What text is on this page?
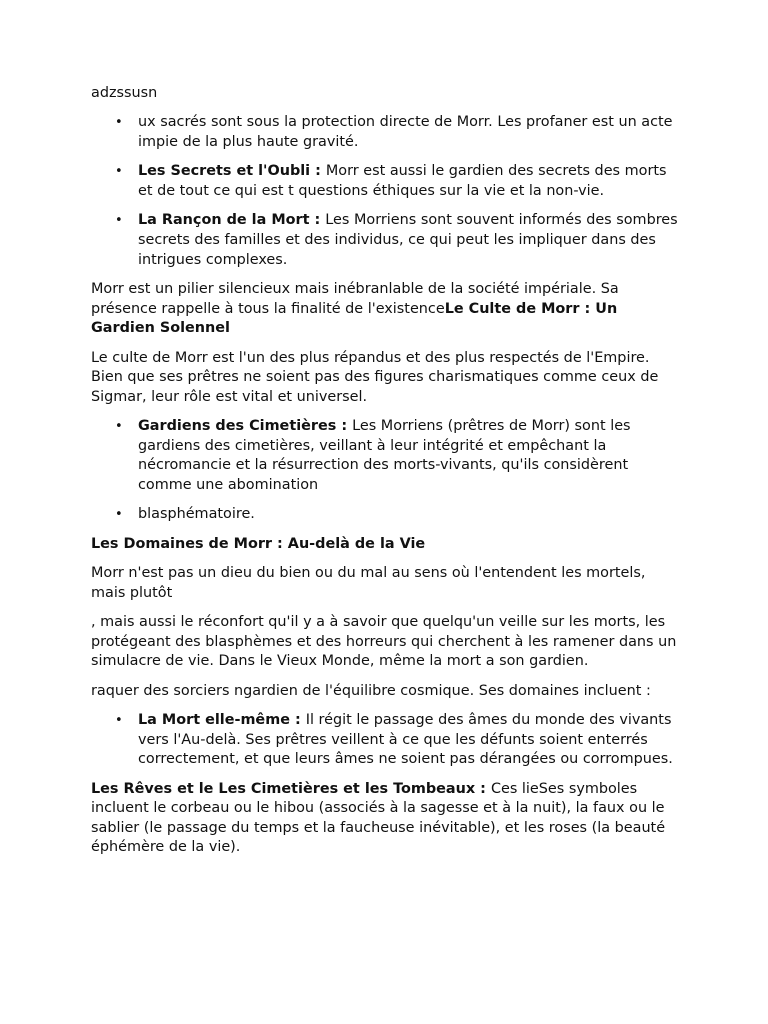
adzssusn

• ux sacrés sont sous la protection directe de Morr. Les profaner est un acte impie de la plus haute gravité.
• Les Secrets et l'Oubli : Morr est aussi le gardien des secrets des morts et de tout ce qui est t questions éthiques sur la vie et la non-vie.
• La Rançon de la Mort : Les Morriens sont souvent informés des sombres secrets des familles et des individus, ce qui peut les impliquer dans des intrigues complexes.

Morr est un pilier silencieux mais inébranlable de la société impériale. Sa présence rappelle à tous la finalité de l'existenceLe Culte de Morr : Un Gardien Solennel

Le culte de Morr est l'un des plus répandus et des plus respectés de l'Empire. Bien que ses prêtres ne soient pas des figures charismatiques comme ceux de Sigmar, leur rôle est vital et universel.

• Gardiens des Cimetières : Les Morriens (prêtres de Morr) sont les gardiens des cimetières, veillant à leur intégrité et empêchant la nécromancie et la résurrection des morts-vivants, qu'ils considèrent comme une abomination
• blasphématoire.

Les Domaines de Morr : Au-delà de la Vie

Morr n'est pas un dieu du bien ou du mal au sens où l'entendent les mortels, mais plutôt

, mais aussi le réconfort qu'il y a à savoir que quelqu'un veille sur les morts, les protégeant des blasphèmes et des horreurs qui cherchent à les ramener dans un simulacre de vie. Dans le Vieux Monde, même la mort a son gardien.

raquer des sorciers ngardien de l'équilibre cosmique. Ses domaines incluent :

• La Mort elle-même : Il régit le passage des âmes du monde des vivants vers l'Au-delà. Ses prêtres veillent à ce que les défunts soient enterrés correctement, et que leurs âmes ne soient pas dérangées ou corrompues.

Les Rêves et le Les Cimetières et les Tombeaux : Ces lieSes symboles incluent le corbeau ou le hibou (associés à la sagesse et à la nuit), la faux ou le sablier (le passage du temps et la faucheuse inévitable), et les roses (la beauté éphémère de la vie).
